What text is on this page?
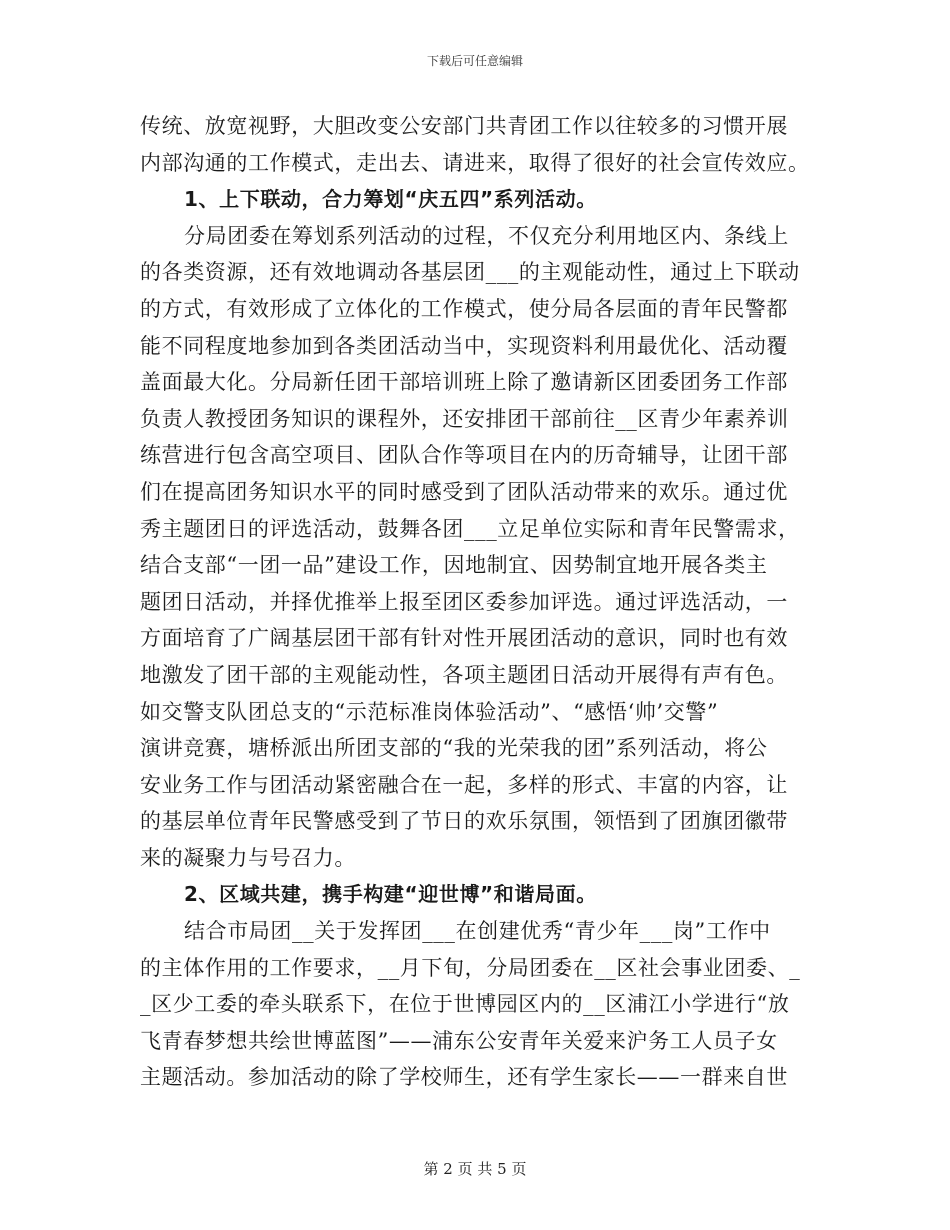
下载后可任意编辑
传统、放宽视野，大胆改变公安部门共青团工作以往较多的习惯开展
内部沟通的工作模式，走出去、请进来，取得了很好的社会宣传效应。
1、上下联动，合力筹划“庆五四”系列活动。
分局团委在筹划系列活动的过程，不仅充分利用地区内、条线上
的各类资源，还有效地调动各基层团___的主观能动性，通过上下联动
的方式，有效形成了立体化的工作模式，使分局各层面的青年民警都
能不同程度地参加到各类团活动当中，实现资料利用最优化、活动覆
盖面最大化。分局新任团干部培训班上除了邀请新区团委团务工作部
负责人教授团务知识的课程外，还安排团干部前往__区青少年素养训
练营进行包含高空项目、团队合作等项目在内的历奇辅导，让团干部
们在提高团务知识水平的同时感受到了团队活动带来的欢乐。通过优
秀主题团日的评选活动，鼓舞各团___立足单位实际和青年民警需求，
结合支部“一团一品”建设工作，因地制宜、因势制宜地开展各类主
题团日活动，并择优推举上报至团区委参加评选。通过评选活动，一
方面培育了广阔基层团干部有针对性开展团活动的意识，同时也有效
地激发了团干部的主观能动性，各项主题团日活动开展得有声有色。
如交警支队团总支的“示范标准岗体验活动”、“感悟‘帅’交警”
演讲竞赛，塘桥派出所团支部的“我的光荣我的团”系列活动，将公
安业务工作与团活动紧密融合在一起，多样的形式、丰富的内容，让
的基层单位青年民警感受到了节日的欢乐氛围，领悟到了团旗团徽带
来的凝聚力与号召力。
2、区域共建，携手构建“迎世博”和谐局面。
结合市局团__关于发挥团___在创建优秀“青少年___岗”工作中
的主体作用的工作要求，__月下旬，分局团委在__区社会事业团委、_
_区少工委的牵头联系下，在位于世博园区内的__区浦江小学进行“放
飞青春梦想共绘世博蓝图”——浦东公安青年关爱来沪务工人员子女
主题活动。参加活动的除了学校师生，还有学生家长——一群来自世
第 2 页 共 5 页
